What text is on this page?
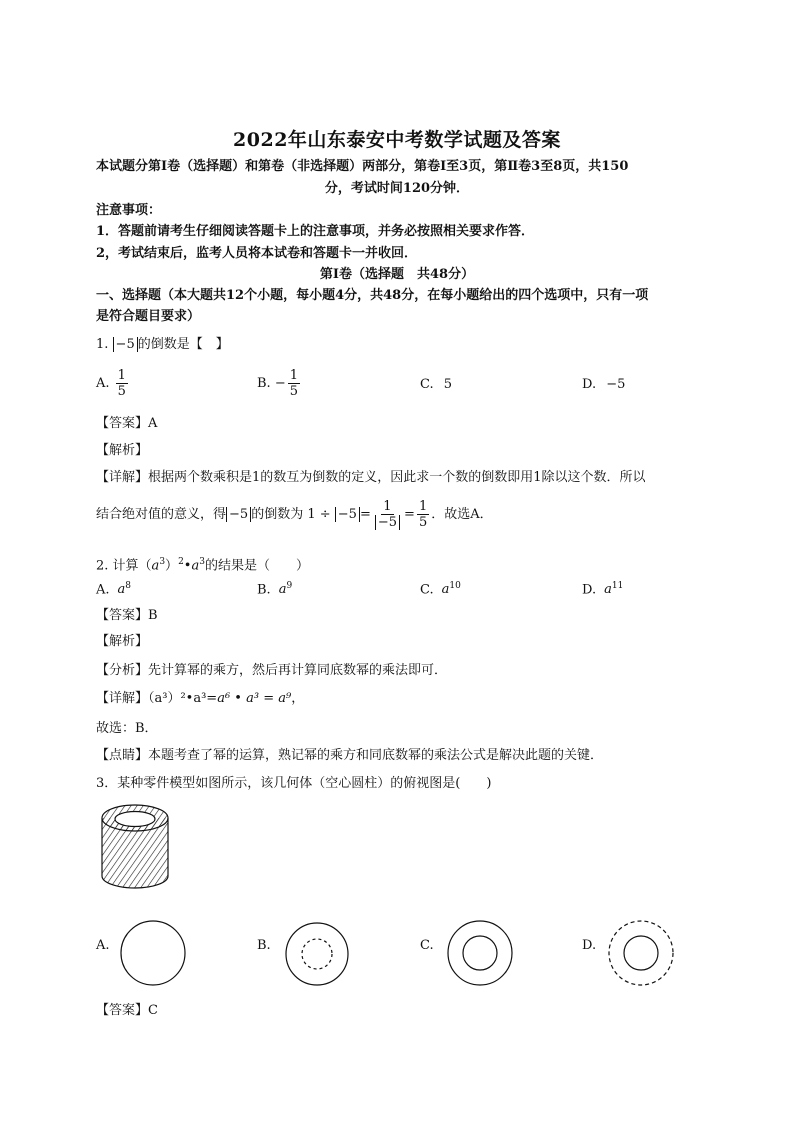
2022年山东泰安中考数学试题及答案
本试题分第Ⅰ卷（选择题）和第卷（非选择题）两部分，第卷Ⅰ至3页，第Ⅱ卷3至8页，共150
分，考试时间120分钟．
注意事项：
1．答题前请考生仔细阅读答题卡上的注意事项，并务必按照相关要求作答．
2，考试结束后，监考人员将本试卷和答题卡一并收回．
第Ⅰ卷（选择题　共48分）
一、选择题（本大题共12个小题，每小题4分，共48分，在每小题给出的四个选项中，只有一项
是符合题目要求）
1. −5 的倒数是【　】
A. $\frac{1}{5}$	B. − $\frac{1}{5}$	C. 5	D. −5
【答案】A
【解析】
【详解】根据两个数乘积是1的数互为倒数的定义，因此求一个数的倒数即用1除以这个数．所以
结合绝对值的意义，得 −5 的倒数为 $1 \div -5 = \frac{1}{-5} = \frac{1}{5}$ ．故选A．
2. 计算$(a^3)^2•a^3$的结果是（　　）
A. $a^8$	B. $a^9$	C. $a^{10}$	D. $a^{11}$
【答案】B
【解析】
【分析】先计算幂的乘方，然后再计算同底数幂的乘法即可．
【详解】（a³）²•a³=a⁶ • a³ = a⁹，
故选：B．
【点睛】本题考查了幂的运算，熟记幂的乘方和同底数幂的乘法公式是解决此题的关键．
3．某种零件模型如图所示，该几何体（空心圆柱）的俯视图是(　　)
A.	B.	C.	D.
【答案】C
